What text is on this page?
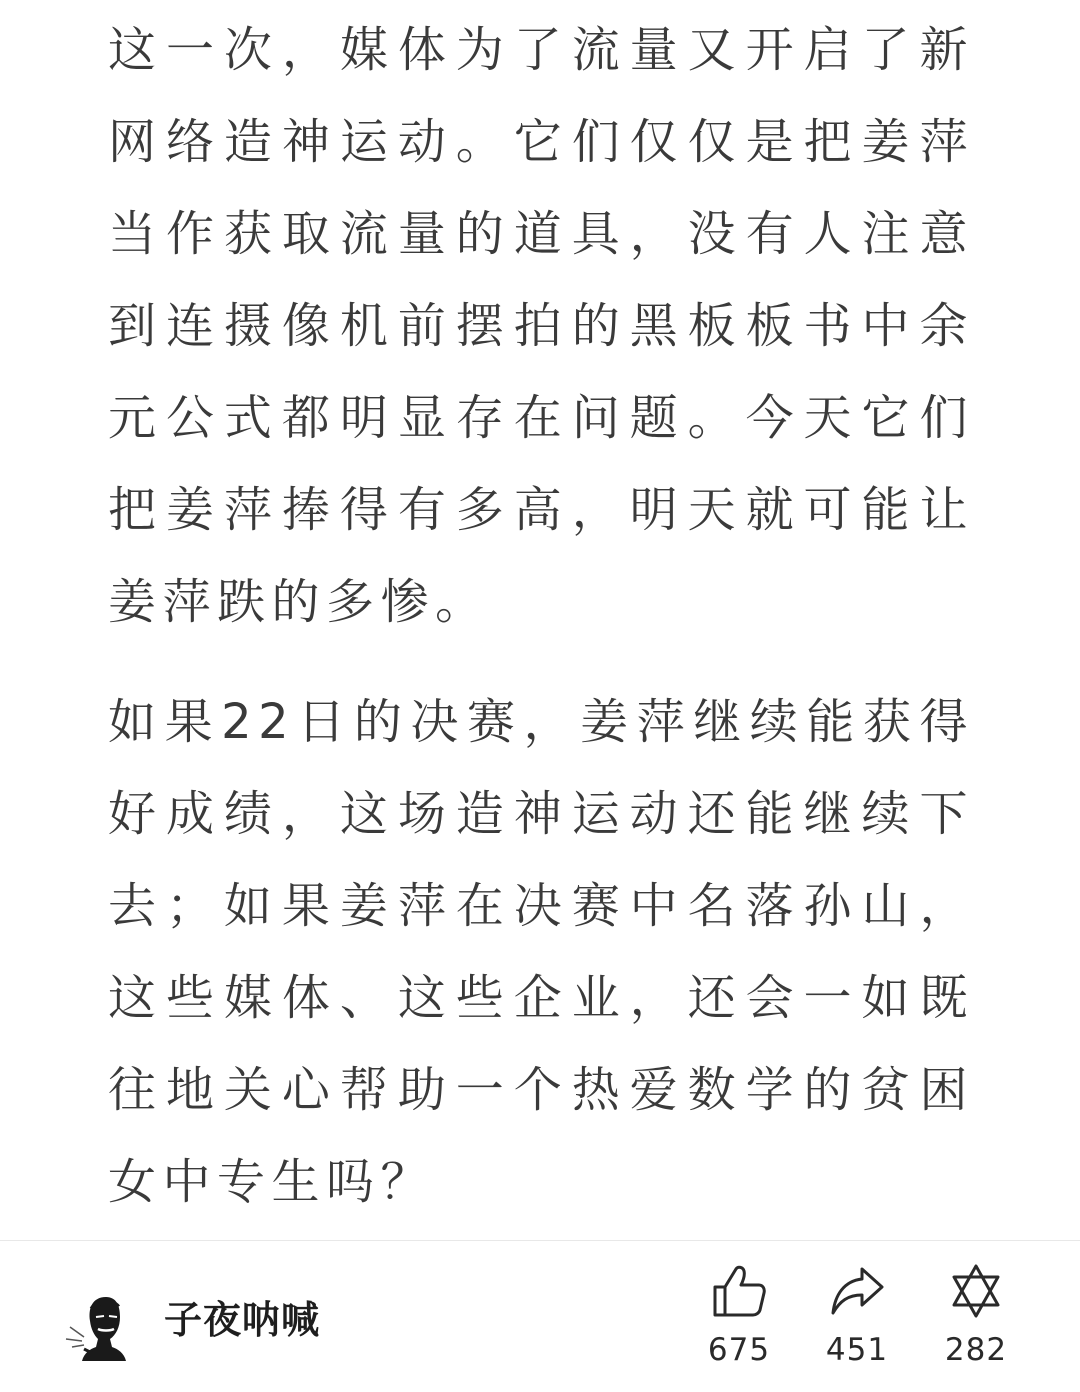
这一次，媒体为了流量又开启了新网络造神运动。它们仅仅是把姜萍当作获取流量的道具，没有人注意到连摄像机前摆拍的黑板板书中余元公式都明显存在问题。今天它们把姜萍捧得有多高，明天就可能让姜萍跌的多惨。

如果22日的决赛，姜萍继续能获得好成绩，这场造神运动还能继续下去；如果姜萍在决赛中名落孙山，这些媒体、这些企业，还会一如既往地关心帮助一个热爱数学的贫困女中专生吗？

子夜呐喊
675	451	282
